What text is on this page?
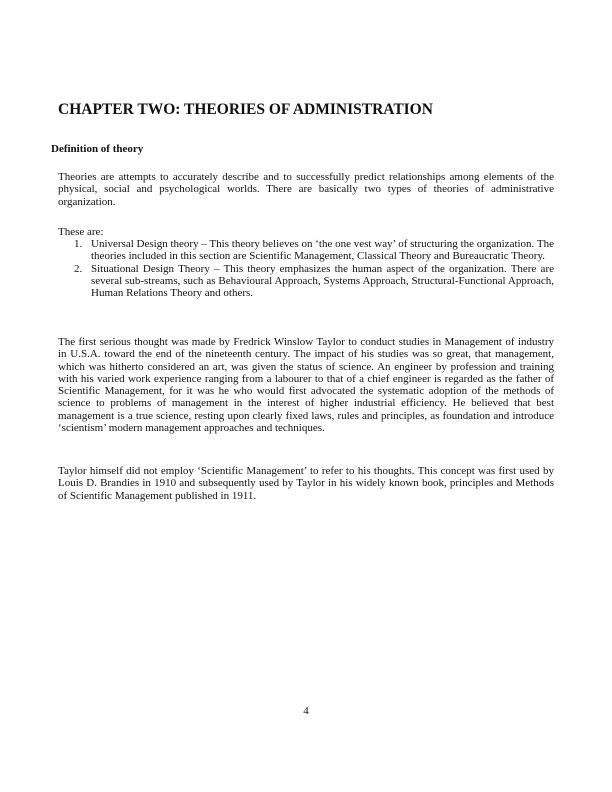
CHAPTER TWO: THEORIES OF ADMINISTRATION
Definition of theory

Theories are attempts to accurately describe and to successfully predict relationships among elements of the physical, social and psychological worlds. There are basically two types of theories of administrative organization.

These are:

1. Universal Design theory – This theory believes on ‘the one vest way’ of structuring the organization. The theories included in this section are Scientific Management, Classical Theory and Bureaucratic Theory.
2. Situational Design Theory – This theory emphasizes the human aspect of the organization. There are several sub-streams, such as Behavioural Approach, Systems Approach, Structural-Functional Approach, Human Relations Theory and others.

The first serious thought was made by Fredrick Winslow Taylor to conduct studies in Management of industry in U.S.A. toward the end of the nineteenth century. The impact of his studies was so great, that management, which was hitherto considered an art, was given the status of science. An engineer by profession and training with his varied work experience ranging from a labourer to that of a chief engineer is regarded as the father of Scientific Management, for it was he who would first advocated the systematic adoption of the methods of science to problems of management in the interest of higher industrial efficiency. He believed that best management is a true science, resting upon clearly fixed laws, rules and principles, as foundation and introduce ‘scientism’ modern management approaches and techniques.

Taylor himself did not employ ‘Scientific Management’ to refer to his thoughts. This concept was first used by Louis D. Brandies in 1910 and subsequently used by Taylor in his widely known book, principles and Methods of Scientific Management published in 1911.

4
